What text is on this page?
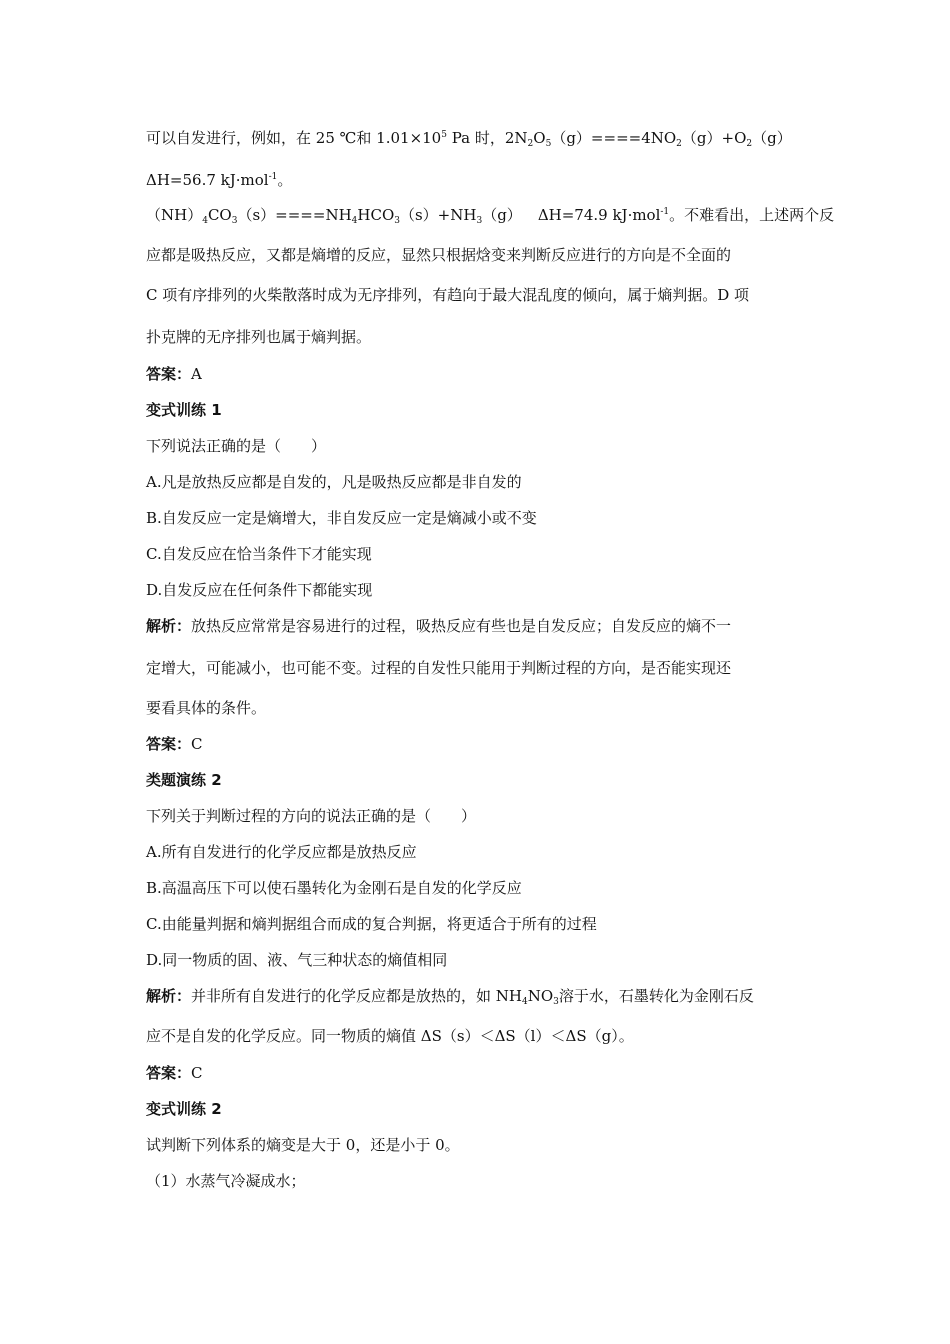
可以自发进行，例如，在 25 ℃和 $1.01\times 10^5$ Pa 时，$2N_2O_5(g)====4NO_2(g)+O_2(g)$
ΔH=56.7 kJ·mol$^{-1}$。
$(NH)_4CO_3(s)====NH_4HCO_3(s)+NH_3(g)$ ΔH=74.9 kJ·mol$^{-1}$。不难看出，上述两个反
应都是吸热反应，又都是熵增的反应，显然只根据焓变来判断反应进行的方向是不全面的
C 项有序排列的火柴散落时成为无序排列，有趋向于最大混乱度的倾向，属于熵判据。D 项
扑克牌的无序排列也属于熵判据。
答案：A
变式训练 1
下列说法正确的是（　　）
A.凡是放热反应都是自发的，凡是吸热反应都是非自发的
B.自发反应一定是熵增大，非自发反应一定是熵减小或不变
C.自发反应在恰当条件下才能实现
D.自发反应在任何条件下都能实现
解析：放热反应常常是容易进行的过程，吸热反应有些也是自发反应；自发反应的熵不一
定增大，可能减小，也可能不变。过程的自发性只能用于判断过程的方向，是否能实现还
要看具体的条件。
答案：C
类题演练 2
下列关于判断过程的方向的说法正确的是（　　）
A.所有自发进行的化学反应都是放热反应
B.高温高压下可以使石墨转化为金刚石是自发的化学反应
C.由能量判据和熵判据组合而成的复合判据，将更适合于所有的过程
D.同一物质的固、液、气三种状态的熵值相同
解析：并非所有自发进行的化学反应都是放热的，如 $NH_4NO_3$溶于水，石墨转化为金刚石反
应不是自发的化学反应。同一物质的熵值 ΔS（s）＜ΔS（l）＜ΔS（g）。
答案：C
变式训练 2
试判断下列体系的熵变是大于 0，还是小于 0。
（1）水蒸气冷凝成水；
